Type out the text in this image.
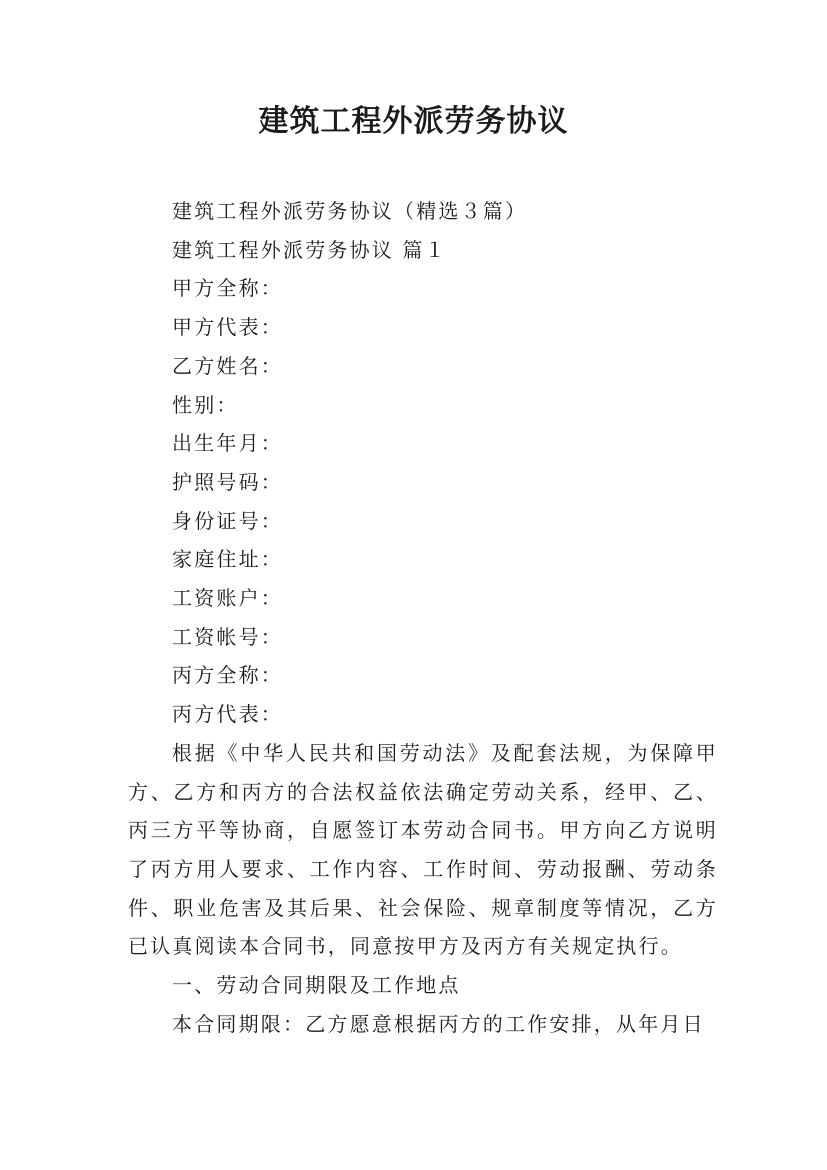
建筑工程外派劳务协议

建筑工程外派劳务协议（精选３篇）

建筑工程外派劳务协议 篇１

甲方全称：

甲方代表：

乙方姓名：

性别：

出生年月：

护照号码：

身份证号：

家庭住址：

工资账户：

工资帐号：

丙方全称：

丙方代表：

根据《中华人民共和国劳动法》及配套法规，为保障甲方、乙方和丙方的合法权益依法确定劳动关系，经甲、乙、丙三方平等协商，自愿签订本劳动合同书。甲方向乙方说明了丙方用人要求、工作内容、工作时间、劳动报酬、劳动条件、职业危害及其后果、社会保险、规章制度等情况，乙方已认真阅读本合同书，同意按甲方及丙方有关规定执行。

一、劳动合同期限及工作地点

本合同期限：乙方愿意根据丙方的工作安排，从年月日
